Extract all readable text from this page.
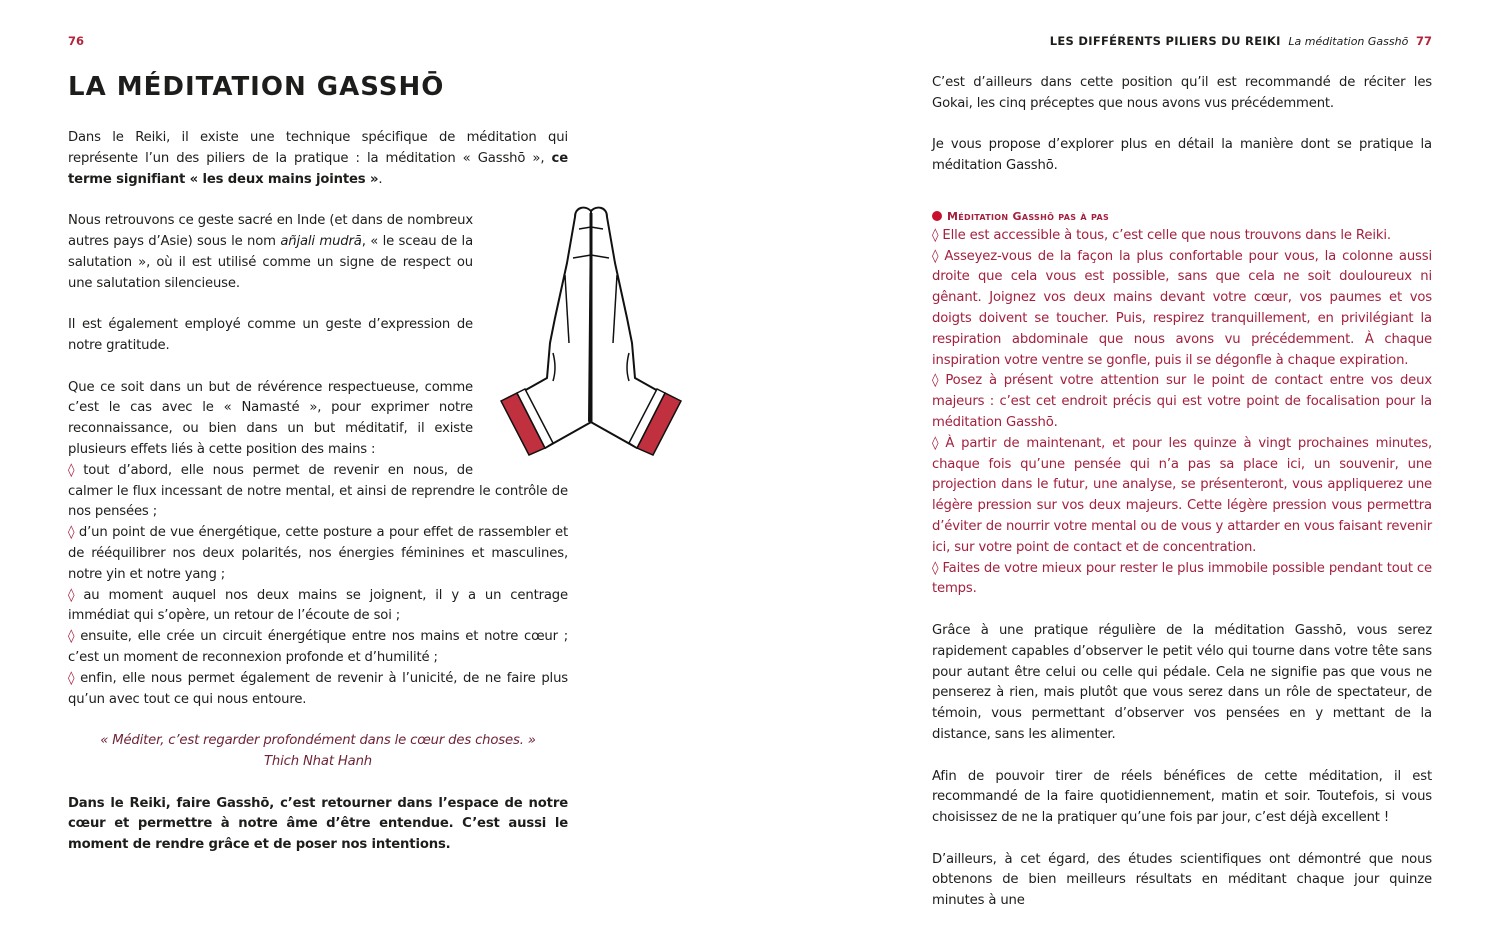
76	LES DIFFÉRENTS PILIERS DU REIKI La méditation Gasshō 77
LA MÉDITATION GASSHŌ

Dans le Reiki, il existe une technique spécifique de méditation qui représente l’un des piliers de la pratique : la méditation « Gasshō », ce terme signifiant « les deux mains jointes ».

Nous retrouvons ce geste sacré en Inde (et dans de nombreux autres pays d’Asie) sous le nom añjali mudrā, « le sceau de la salutation », où il est utilisé comme un signe de respect ou une salutation silencieuse.

Il est également employé comme un geste d’expression de notre gratitude.

Que ce soit dans un but de révérence respectueuse, comme c’est le cas avec le « Namasté », pour exprimer notre reconnaissance, ou bien dans un but méditatif, il existe plusieurs effets liés à cette position des mains :

◊ tout d’abord, elle nous permet de revenir en nous, de calmer le flux incessant de notre mental, et ainsi de reprendre le contrôle de nos pensées ;
◊ d’un point de vue énergétique, cette posture a pour effet de rassembler et de rééquilibrer nos deux polarités, nos énergies féminines et masculines, notre yin et notre yang ;
◊ au moment auquel nos deux mains se joignent, il y a un centrage immédiat qui s’opère, un retour de l’écoute de soi ;
◊ ensuite, elle crée un circuit énergétique entre nos mains et notre cœur ; c’est un moment de reconnexion profonde et d’humilité ;
◊ enfin, elle nous permet également de revenir à l’unicité, de ne faire plus qu’un avec tout ce qui nous entoure.

« Méditer, c’est regarder profondément dans le cœur des choses. »
Thich Nhat Hanh

Dans le Reiki, faire Gasshō, c’est retourner dans l’espace de notre cœur et permettre à notre âme d’être entendue. C’est aussi le moment de rendre grâce et de poser nos intentions.

C’est d’ailleurs dans cette position qu’il est recommandé de réciter les Gokai, les cinq préceptes que nous avons vus précédemment.

Je vous propose d’explorer plus en détail la manière dont se pratique la méditation Gasshō.

Méditation Gasshō pas à pas
◊ Elle est accessible à tous, c’est celle que nous trouvons dans le Reiki.
◊ Asseyez-vous de la façon la plus confortable pour vous, la colonne aussi droite que cela vous est possible, sans que cela ne soit douloureux ni gênant. Joignez vos deux mains devant votre cœur, vos paumes et vos doigts doivent se toucher. Puis, respirez tranquillement, en privilégiant la respiration abdominale que nous avons vu précédemment. À chaque inspiration votre ventre se gonfle, puis il se dégonfle à chaque expiration.
◊ Posez à présent votre attention sur le point de contact entre vos deux majeurs : c’est cet endroit précis qui est votre point de focalisation pour la méditation Gasshō.
◊ À partir de maintenant, et pour les quinze à vingt prochaines minutes, chaque fois qu’une pensée qui n’a pas sa place ici, un souvenir, une projection dans le futur, une analyse, se présenteront, vous appliquerez une légère pression sur vos deux majeurs. Cette légère pression vous permettra d’éviter de nourrir votre mental ou de vous y attarder en vous faisant revenir ici, sur votre point de contact et de concentration.
◊ Faites de votre mieux pour rester le plus immobile possible pendant tout ce temps.

Grâce à une pratique régulière de la méditation Gasshō, vous serez rapidement capables d’observer le petit vélo qui tourne dans votre tête sans pour autant être celui ou celle qui pédale. Cela ne signifie pas que vous ne penserez à rien, mais plutôt que vous serez dans un rôle de spectateur, de témoin, vous permettant d’observer vos pensées en y mettant de la distance, sans les alimenter.

Afin de pouvoir tirer de réels bénéfices de cette méditation, il est recommandé de la faire quotidiennement, matin et soir. Toutefois, si vous choisissez de ne la pratiquer qu’une fois par jour, c’est déjà excellent !

D’ailleurs, à cet égard, des études scientifiques ont démontré que nous obtenons de bien meilleurs résultats en méditant chaque jour quinze minutes à une
